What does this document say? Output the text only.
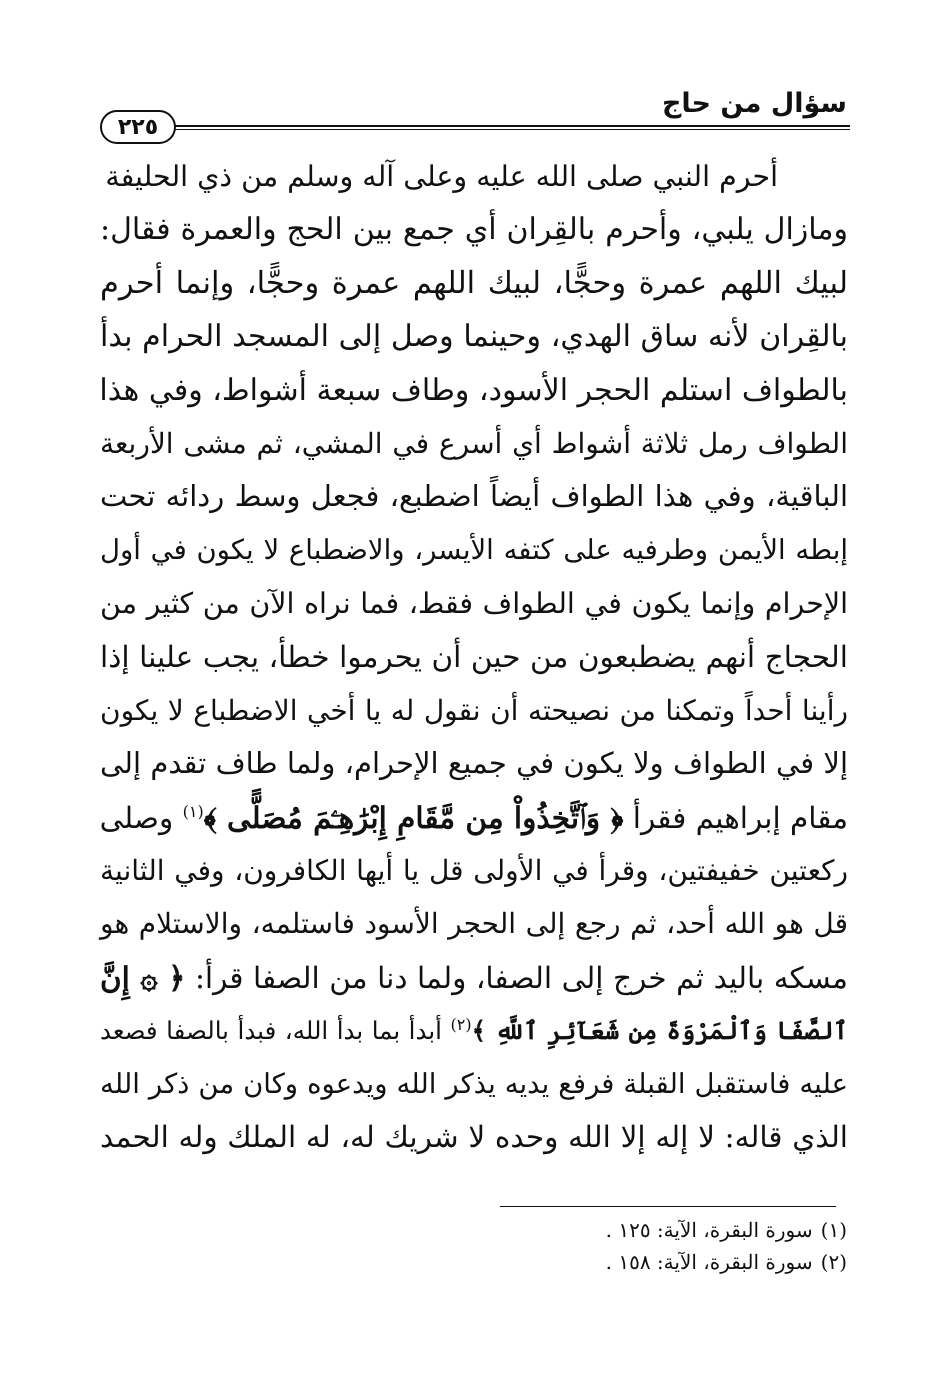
سؤال من حاج
٢٢٥
أحرم النبي صلى الله عليه وعلى آله وسلم من ذي الحليفة
ومازال يلبي، وأحرم بالقِران أي جمع بين الحج والعمرة فقال:
لبيك اللهم عمرة وحجًّا، لبيك اللهم عمرة وحجًّا، وإنما أحرم
بالقِران لأنه ساق الهدي، وحينما وصل إلى المسجد الحرام بدأ
بالطواف استلم الحجر الأسود، وطاف سبعة أشواط، وفي هذا
الطواف رمل ثلاثة أشواط أي أسرع في المشي، ثم مشى الأربعة
الباقية، وفي هذا الطواف أيضاً اضطبع، فجعل وسط ردائه تحت
إبطه الأيمن وطرفيه على كتفه الأيسر، والاضطباع لا يكون في أول
الإحرام وإنما يكون في الطواف فقط، فما نراه الآن من كثير من
الحجاج أنهم يضطبعون من حين أن يحرموا خطأ، يجب علينا إذا
رأينا أحداً وتمكنا من نصيحته أن نقول له يا أخي الاضطباع لا يكون
إلا في الطواف ولا يكون في جميع الإحرام، ولما طاف تقدم إلى
مقام إبراهيم فقرأ ﴿ وَٱتَّخِذُواْ مِن مَّقَامِ إِبْرَٰهِـۧمَ مُصَلًّى ﴾$^{(١)}$ وصلى
ركعتين خفيفتين، وقرأ في الأولى قل يا أيها الكافرون، وفي الثانية
قل هو الله أحد، ثم رجع إلى الحجر الأسود فاستلمه، والاستلام هو
مسكه باليد ثم خرج إلى الصفا، ولما دنا من الصفا قرأ: ﴿ ۞ إِنَّ
ٱلصَّفَا وَٱلْمَرْوَةَ مِن شَعَآئِرِ ٱللَّهِ ﴾$^{(٢)}$ أبدأ بما بدأ الله، فبدأ بالصفا فصعد
عليه فاستقبل القبلة فرفع يديه يذكر الله ويدعوه وكان من ذكر الله
الذي قاله: لا إله إلا الله وحده لا شريك له، له الملك وله الحمد
(١)سورة البقرة، الآية: ١٢٥ .
(٢)سورة البقرة، الآية: ١٥٨ .
